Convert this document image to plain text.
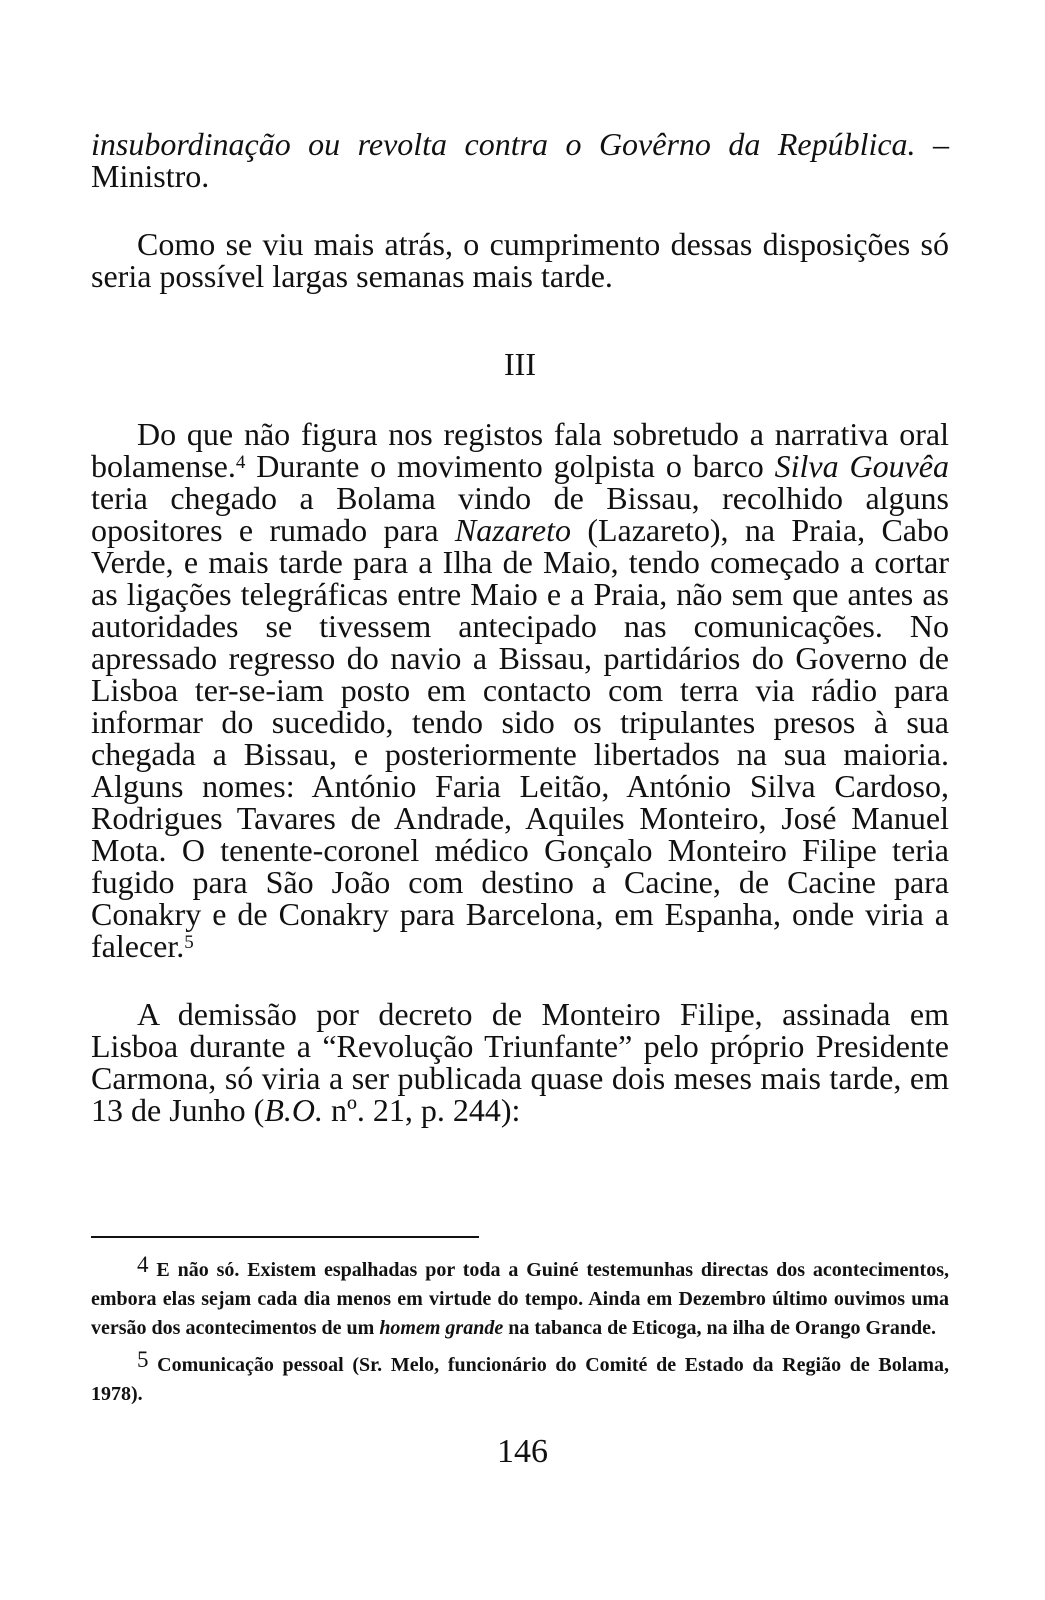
insubordinação ou revolta contra o Govêrno da República. – Ministro.

Como se viu mais atrás, o cumprimento dessas disposições só seria possível largas semanas mais tarde.

III

Do que não figura nos registos fala sobretudo a narrativa oral bolamense.$^4$ Durante o movimento golpista o barco Silva Gouvêa teria chegado a Bolama vindo de Bissau, recolhido alguns opositores e rumado para Nazareto (Lazareto), na Praia, Cabo Verde, e mais tarde para a Ilha de Maio, tendo começado a cortar as ligações telegráficas entre Maio e a Praia, não sem que antes as autoridades se tivessem antecipado nas comunicações. No apressado regresso do navio a Bissau, partidários do Governo de Lisboa ter-se-iam posto em contacto com terra via rádio para informar do sucedido, tendo sido os tripulantes presos à sua chegada a Bissau, e posteriormente libertados na sua maioria. Alguns nomes: António Faria Leitão, António Silva Cardoso, Rodrigues Tavares de Andrade, Aquiles Monteiro, José Manuel Mota. O tenente-coronel médico Gonçalo Monteiro Filipe teria fugido para São João com destino a Cacine, de Cacine para Conakry e de Conakry para Barcelona, em Espanha, onde viria a falecer.$^5$

A demissão por decreto de Monteiro Filipe, assinada em Lisboa durante a “Revolução Triunfante” pelo próprio Presidente Carmona, só viria a ser publicada quase dois meses mais tarde, em 13 de Junho (B.O. nº. 21, p. 244):

4 E não só. Existem espalhadas por toda a Guiné testemunhas directas dos acontecimentos, embora elas sejam cada dia menos em virtude do tempo. Ainda em Dezembro último ouvimos uma versão dos acontecimentos de um homem grande na tabanca de Eticoga, na ilha de Orango Grande.

5 Comunicação pessoal (Sr. Melo, funcionário do Comité de Estado da Região de Bolama, 1978).

146
